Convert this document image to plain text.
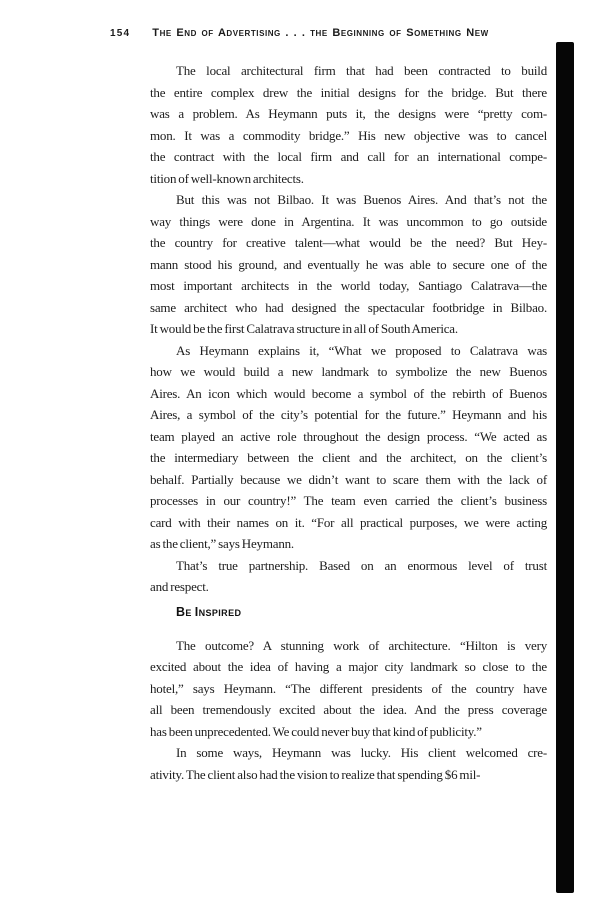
154 The End of Advertising . . . the Beginning of Something New
The local architectural firm that had been contracted to build
the entire complex drew the initial designs for the bridge. But there
was a problem. As Heymann puts it, the designs were “pretty com-
mon. It was a commodity bridge.” His new objective was to cancel
the contract with the local firm and call for an international compe-
tition of well-known architects.
But this was not Bilbao. It was Buenos Aires. And that’s not the
way things were done in Argentina. It was uncommon to go outside
the country for creative talent—what would be the need? But Hey-
mann stood his ground, and eventually he was able to secure one of the
most important architects in the world today, Santiago Calatrava—the
same architect who had designed the spectacular footbridge in Bilbao.
It would be the first Calatrava structure in all of South America.
As Heymann explains it, “What we proposed to Calatrava was
how we would build a new landmark to symbolize the new Buenos
Aires. An icon which would become a symbol of the rebirth of Buenos
Aires, a symbol of the city’s potential for the future.” Heymann and his
team played an active role throughout the design process. “We acted as
the intermediary between the client and the architect, on the client’s
behalf. Partially because we didn’t want to scare them with the lack of
processes in our country!” The team even carried the client’s business
card with their names on it. “For all practical purposes, we were acting
as the client,” says Heymann.
That’s true partnership. Based on an enormous level of trust
and respect.
Be Inspired
The outcome? A stunning work of architecture. “Hilton is very
excited about the idea of having a major city landmark so close to the
hotel,” says Heymann. “The different presidents of the country have
all been tremendously excited about the idea. And the press coverage
has been unprecedented. We could never buy that kind of publicity.”
In some ways, Heymann was lucky. His client welcomed cre-
ativity. The client also had the vision to realize that spending $6 mil-
